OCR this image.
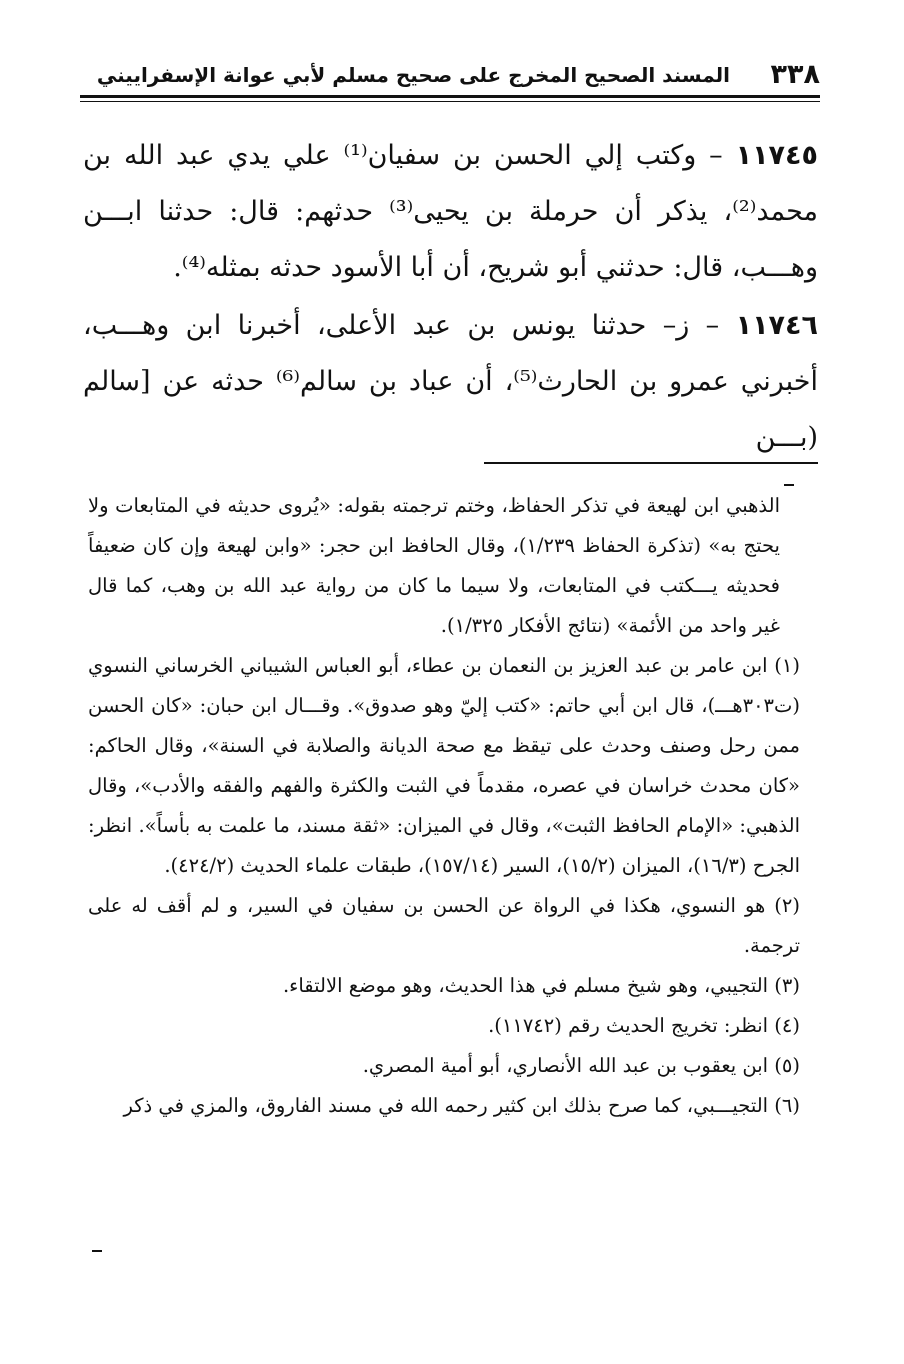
٣٣٨
المسند الصحيح المخرج على صحيح مسلم لأبي عوانة الإسفراييني

١١٧٤٥ – وكتب إلي الحسن بن سفيان⁽¹⁾ علي يدي عبد الله بن محمد⁽²⁾، يذكر أن حرملة بن يحيى⁽³⁾ حدثهم: قال: حدثنا ابـــن وهـــب، قال: حدثني أبو شريح، أن أبا الأسود حدثه بمثله⁽⁴⁾.

١١٧٤٦ – ز– حدثنا يونس بن عبد الأعلى، أخبرنا ابن وهـــب، أخبرني عمرو بن الحارث⁽⁵⁾، أن عباد بن سالم⁽⁶⁾ حدثه عن [سالم (بـــن

الذهبي ابن لهيعة في تذكر الحفاظ، وختم ترجمته بقوله: «يُروى حديثه في المتابعات ولا يحتج به» (تذكرة الحفاظ ١/٢٣٩)، وقال الحافظ ابن حجر: «وابن لهيعة وإن كان ضعيفاً فحديثه يـــكتب في المتابعات، ولا سيما ما كان من رواية عبد الله بن وهب، كما قال غير واحد من الأئمة» (نتائج الأفكار ١/٣٢٥).

(١) ابن عامر بن عبد العزيز بن النعمان بن عطاء، أبو العباس الشيباني الخرساني النسوي (ت٣٠٣هـــ)، قال ابن أبي حاتم: «كتب إليّ وهو صدوق». وقـــال ابن حبان: «كان الحسن ممن رحل وصنف وحدث على تيقظ مع صحة الديانة والصلابة في السنة»، وقال الحاكم: «كان محدث خراسان في عصره، مقدماً في الثبت والكثرة والفهم والفقه والأدب»، وقال الذهبي: «الإمام الحافظ الثبت»، وقال في الميزان: «ثقة مسند، ما علمت به بأساً». انظر: الجرح (١٦/٣)، الميزان (١٥/٢)، السير (١٥٧/١٤)، طبقات علماء الحديث (٤٢٤/٢).

(٢) هو النسوي، هكذا في الرواة عن الحسن بن سفيان في السير، و لم أقف له على ترجمة.

(٣) التجيبي، وهو شيخ مسلم في هذا الحديث، وهو موضع الالتقاء.

(٤) انظر: تخريج الحديث رقم (١١٧٤٢).

(٥) ابن يعقوب بن عبد الله الأنصاري، أبو أمية المصري.

(٦) التجيـــبي، كما صرح بذلك ابن كثير رحمه الله في مسند الفاروق، والمزي في ذكر
